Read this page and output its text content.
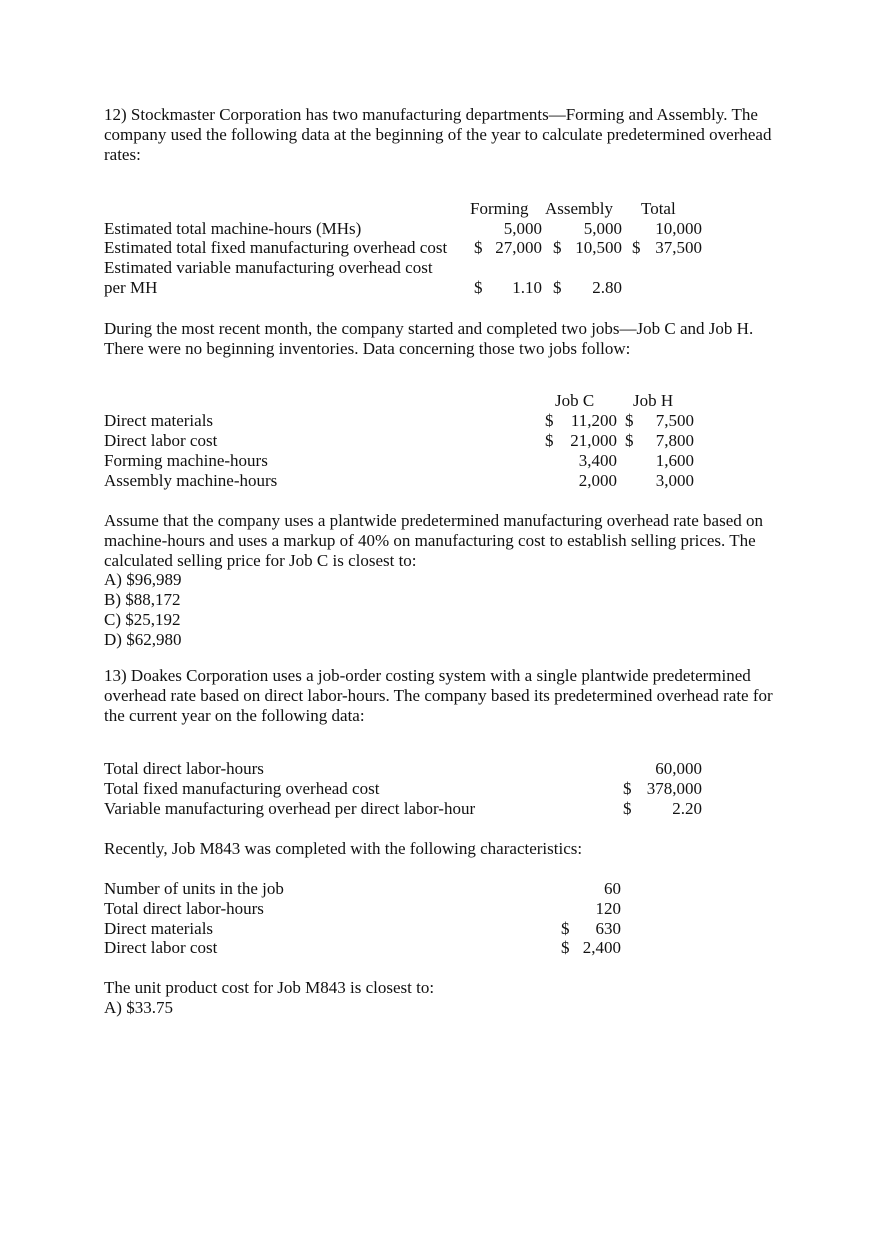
12) Stockmaster Corporation has two manufacturing departments—Forming and Assembly. The company used the following data at the beginning of the year to calculate predetermined overhead rates:

Forming Assembly Total
Estimated total machine-hours (MHs)	5,000 5,000 10,000
Estimated total fixed manufacturing overhead cost $ 27,000 $ 10,500 $ 37,500
Estimated variable manufacturing overhead cost
per MH	$ 1.10 $ 2.80

During the most recent month, the company started and completed two jobs—Job C and Job H. There were no beginning inventories. Data concerning those two jobs follow:

Job C Job H
Direct materials	$ 11,200 $ 7,500
Direct labor cost	$ 21,000 $ 7,800
Forming machine-hours	3,400 1,600
Assembly machine-hours	2,000 3,000

Assume that the company uses a plantwide predetermined manufacturing overhead rate based on machine-hours and uses a markup of 40% on manufacturing cost to establish selling prices. The calculated selling price for Job C is closest to:

A) $96,989
B) $88,172
C) $25,192
D) $62,980

13) Doakes Corporation uses a job-order costing system with a single plantwide predetermined overhead rate based on direct labor-hours. The company based its predetermined overhead rate for the current year on the following data:

Total direct labor-hours	60,000
Total fixed manufacturing overhead cost	$ 378,000
Variable manufacturing overhead per direct labor-hour	$ 2.20

Recently, Job M843 was completed with the following characteristics:

Number of units in the job	60
Total direct labor-hours	120
Direct materials	$ 630
Direct labor cost	$ 2,400

The unit product cost for Job M843 is closest to:

A) $33.75
